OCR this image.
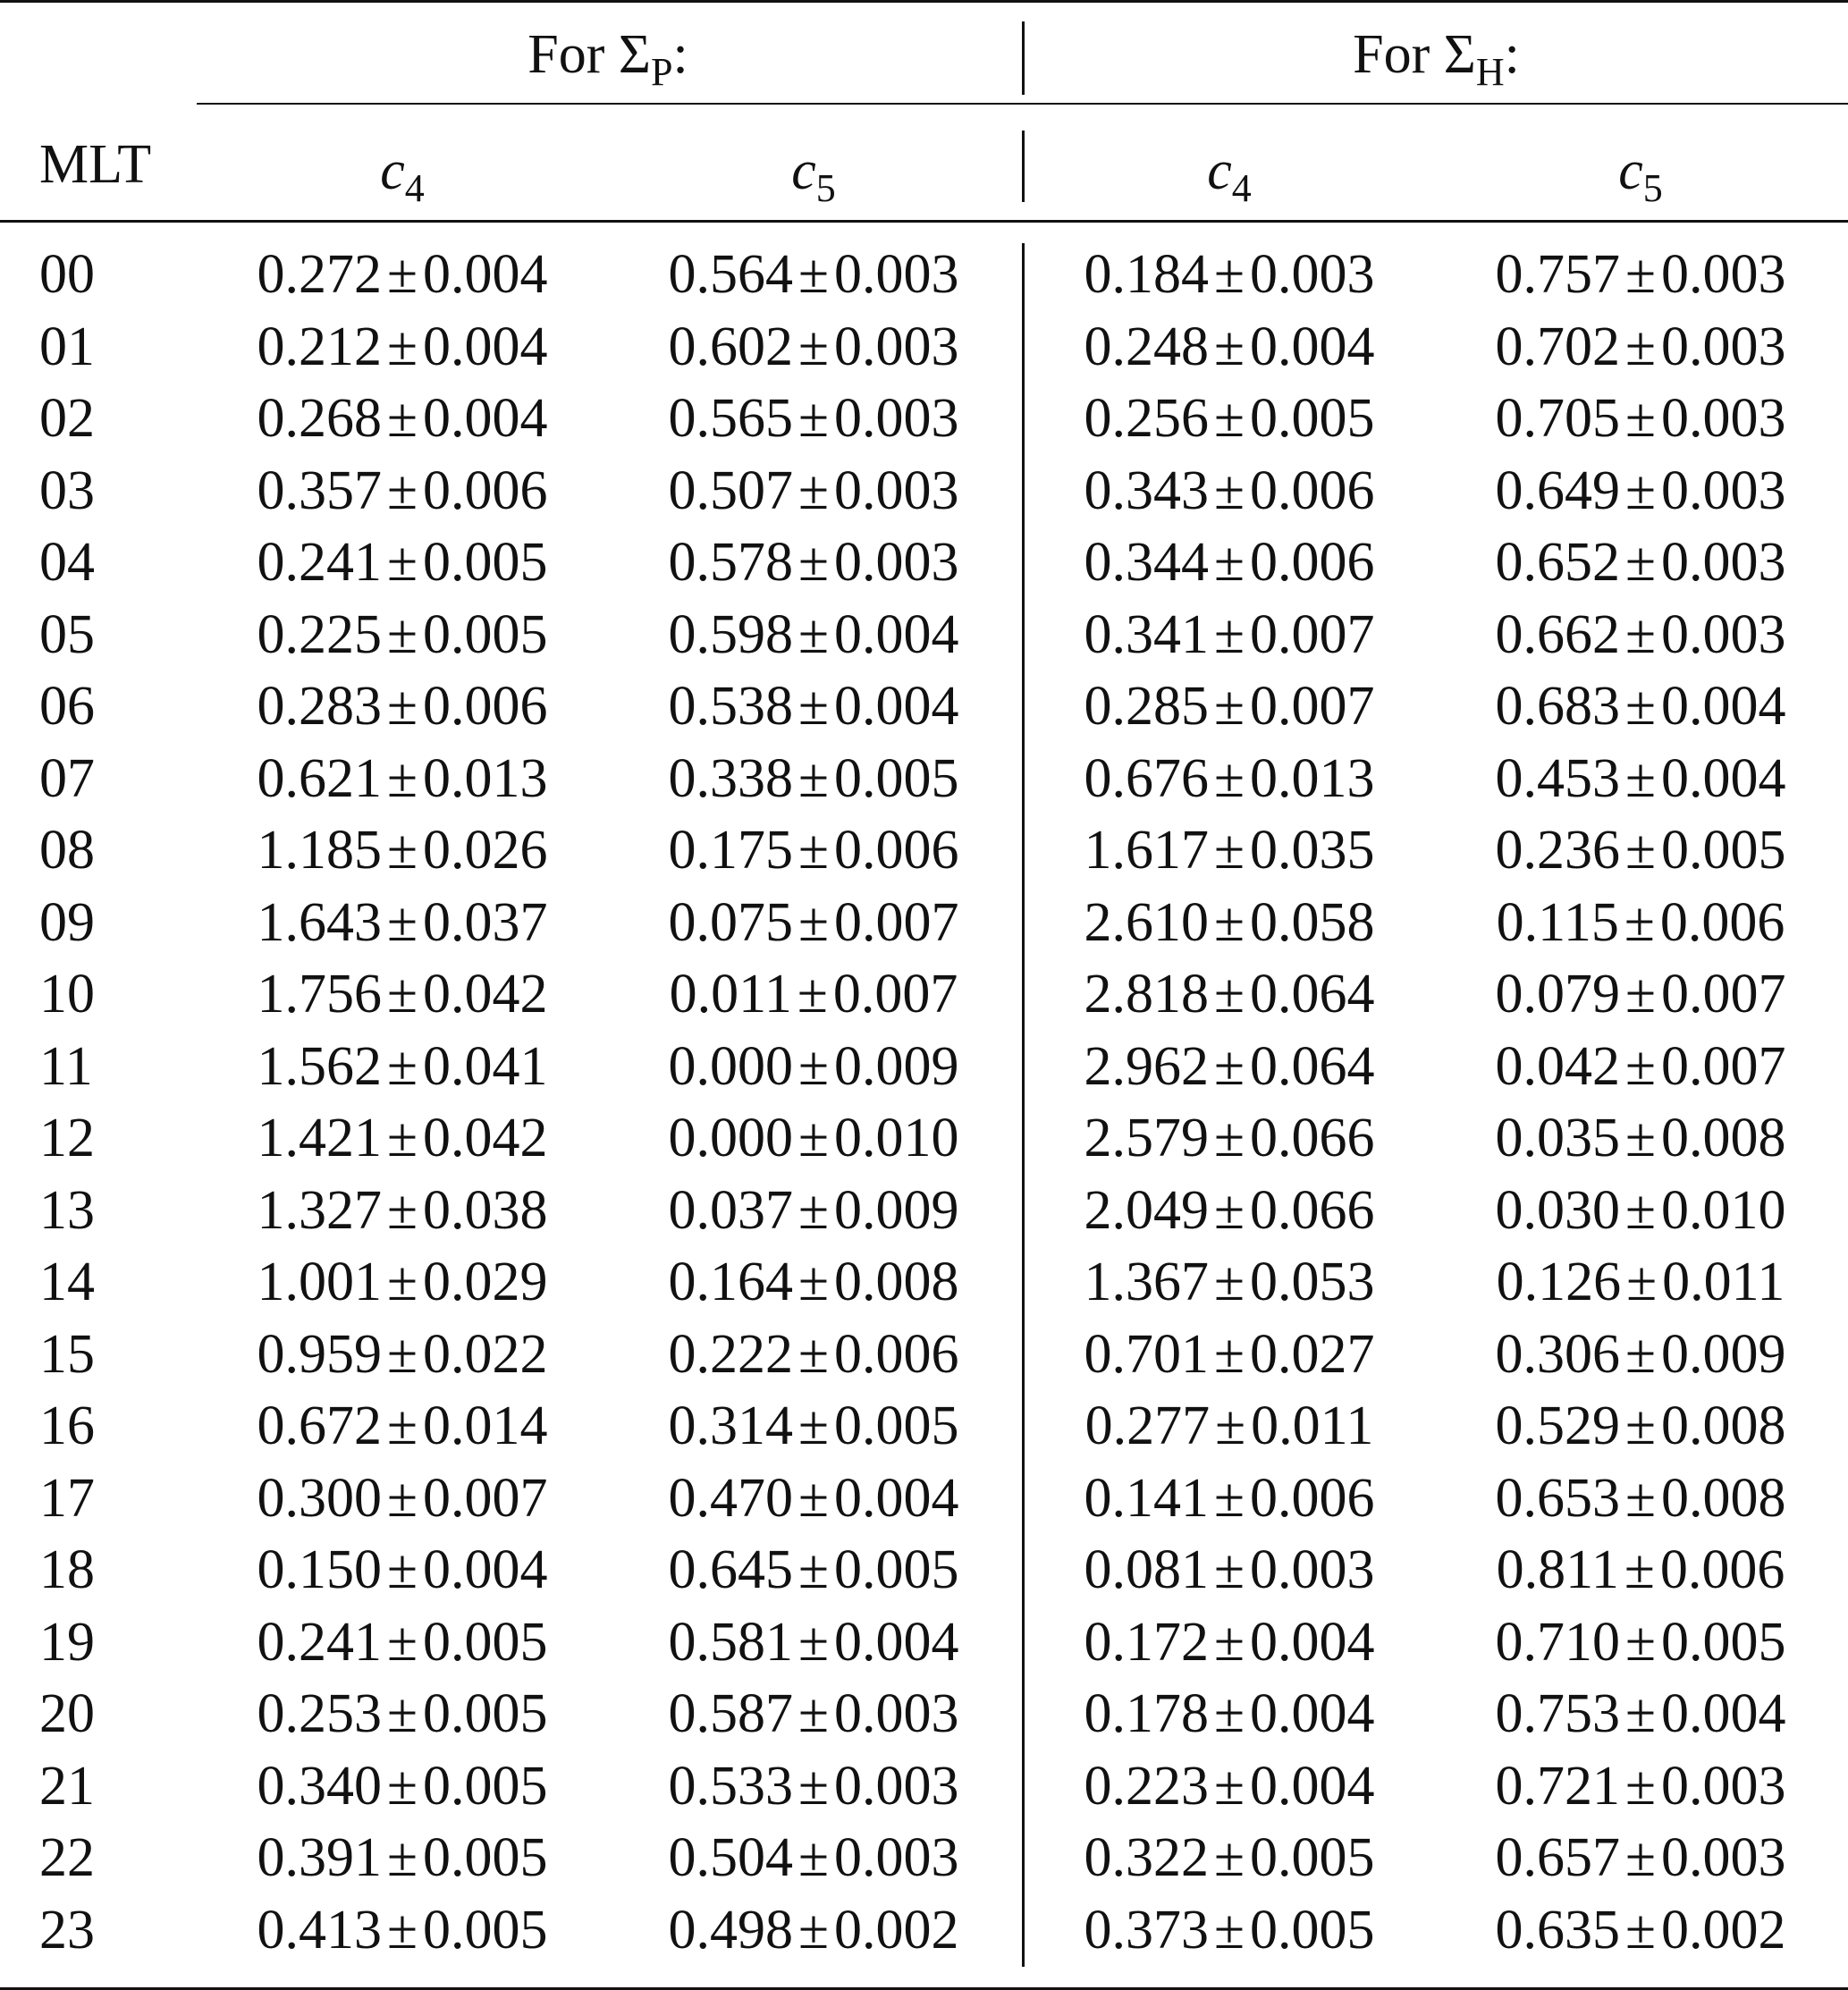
For $\Sigma_P$:	For $\Sigma_H$:
MLT	$c_4$	$c_5$	$c_4$	$c_5$
00	0.272±0.004	0.564±0.003	0.184±0.003	0.757±0.003
01	0.212±0.004	0.602±0.003	0.248±0.004	0.702±0.003
02	0.268±0.004	0.565±0.003	0.256±0.005	0.705±0.003
03	0.357±0.006	0.507±0.003	0.343±0.006	0.649±0.003
04	0.241±0.005	0.578±0.003	0.344±0.006	0.652±0.003
05	0.225±0.005	0.598±0.004	0.341±0.007	0.662±0.003
06	0.283±0.006	0.538±0.004	0.285±0.007	0.683±0.004
07	0.621±0.013	0.338±0.005	0.676±0.013	0.453±0.004
08	1.185±0.026	0.175±0.006	1.617±0.035	0.236±0.005
09	1.643±0.037	0.075±0.007	2.610±0.058	0.115±0.006
10	1.756±0.042	0.011±0.007	2.818±0.064	0.079±0.007
11	1.562±0.041	0.000±0.009	2.962±0.064	0.042±0.007
12	1.421±0.042	0.000±0.010	2.579±0.066	0.035±0.008
13	1.327±0.038	0.037±0.009	2.049±0.066	0.030±0.010
14	1.001±0.029	0.164±0.008	1.367±0.053	0.126±0.011
15	0.959±0.022	0.222±0.006	0.701±0.027	0.306±0.009
16	0.672±0.014	0.314±0.005	0.277±0.011	0.529±0.008
17	0.300±0.007	0.470±0.004	0.141±0.006	0.653±0.008
18	0.150±0.004	0.645±0.005	0.081±0.003	0.811±0.006
19	0.241±0.005	0.581±0.004	0.172±0.004	0.710±0.005
20	0.253±0.005	0.587±0.003	0.178±0.004	0.753±0.004
21	0.340±0.005	0.533±0.003	0.223±0.004	0.721±0.003
22	0.391±0.005	0.504±0.003	0.322±0.005	0.657±0.003
23	0.413±0.005	0.498±0.002	0.373±0.005	0.635±0.002
